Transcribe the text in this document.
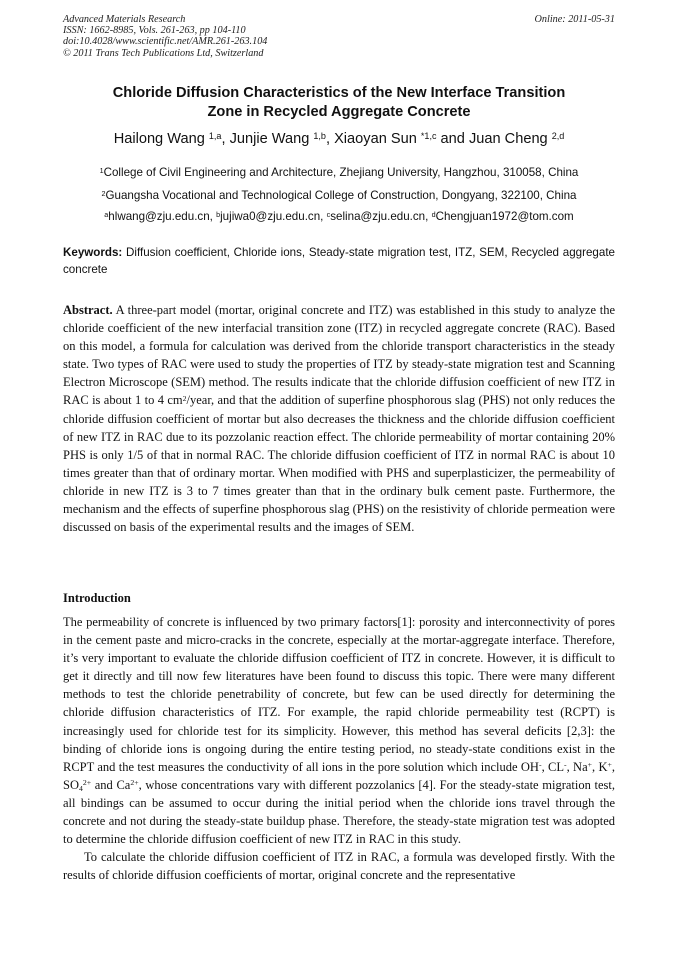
Advanced Materials Research
ISSN: 1662-8985, Vols. 261-263, pp 104-110
doi:10.4028/www.scientific.net/AMR.261-263.104
© 2011 Trans Tech Publications Ltd, Switzerland
Online: 2011-05-31
Chloride Diffusion Characteristics of the New Interface Transition
Zone in Recycled Aggregate Concrete
Hailong Wang $^{1,a}$, Junjie Wang $^{1,b}$, Xiaoyan Sun $^{*1,c}$ and Juan Cheng $^{2,d}$
$^1$College of Civil Engineering and Architecture, Zhejiang University, Hangzhou, 310058, China
$^2$Guangsha Vocational and Technological College of Construction, Dongyang, 322100, China
$^a$hlwang@zju.edu.cn, $^b$jujiwa0@zju.edu.cn, $^c$selina@zju.edu.cn, $^d$Chengjuan1972@tom.com
Keywords: Diffusion coefficient, Chloride ions, Steady-state migration test, ITZ, SEM, Recycled aggregate concrete
Abstract. A three-part model (mortar, original concrete and ITZ) was established in this study to analyze the chloride coefficient of the new interfacial transition zone (ITZ) in recycled aggregate concrete (RAC). Based on this model, a formula for calculation was derived from the chloride transport characteristics in the steady state. Two types of RAC were used to study the properties of ITZ by steady-state migration test and Scanning Electron Microscope (SEM) method. The results indicate that the chloride diffusion coefficient of new ITZ in RAC is about 1 to 4 $cm^2$/year, and that the addition of superfine phosphorous slag (PHS) not only reduces the chloride diffusion coefficient of mortar but also decreases the thickness and the chloride diffusion coefficient of new ITZ in RAC due to its pozzolanic reaction effect. The chloride permeability of mortar containing 20% PHS is only 1/5 of that in normal RAC. The chloride diffusion coefficient of ITZ in normal RAC is about 10 times greater than that of ordinary mortar. When modified with PHS and superplasticizer, the permeability of chloride in new ITZ is 3 to 7 times greater than that in the ordinary bulk cement paste. Furthermore, the mechanism and the effects of superfine phosphorous slag (PHS) on the resistivity of chloride permeation were discussed on basis of the experimental results and the images of SEM.
Introduction

The permeability of concrete is influenced by two primary factors[1]: porosity and interconnectivity of pores in the cement paste and micro-cracks in the concrete, especially at the mortar-aggregate interface. Therefore, it’s very important to evaluate the chloride diffusion coefficient of ITZ in concrete. However, it is difficult to get it directly and till now few literatures have been found to discuss this topic. There were many different methods to test the chloride penetrability of concrete, but few can be used directly for determining the chloride diffusion characteristics of ITZ. For example, the rapid chloride permeability test (RCPT) is increasingly used for chloride test for its simplicity. However, this method has several deficits [2,3]: the binding of chloride ions is ongoing during the entire testing period, no steady-state conditions exist in the RCPT and the test measures the conductivity of all ions in the pore solution which include OH-, CL-, Na+, K+, $SO_4^{2+}$ and $Ca^{2+}$, whose concentrations vary with different pozzolanics [4]. For the steady-state migration test, all bindings can be assumed to occur during the initial period when the chloride ions travel through the concrete and not during the steady-state buildup phase. Therefore, the steady-state migration test was adopted to determine the chloride diffusion coefficient of new ITZ in RAC in this study.

To calculate the chloride diffusion coefficient of ITZ in RAC, a formula was developed firstly. With the results of chloride diffusion coefficients of mortar, original concrete and the representative
